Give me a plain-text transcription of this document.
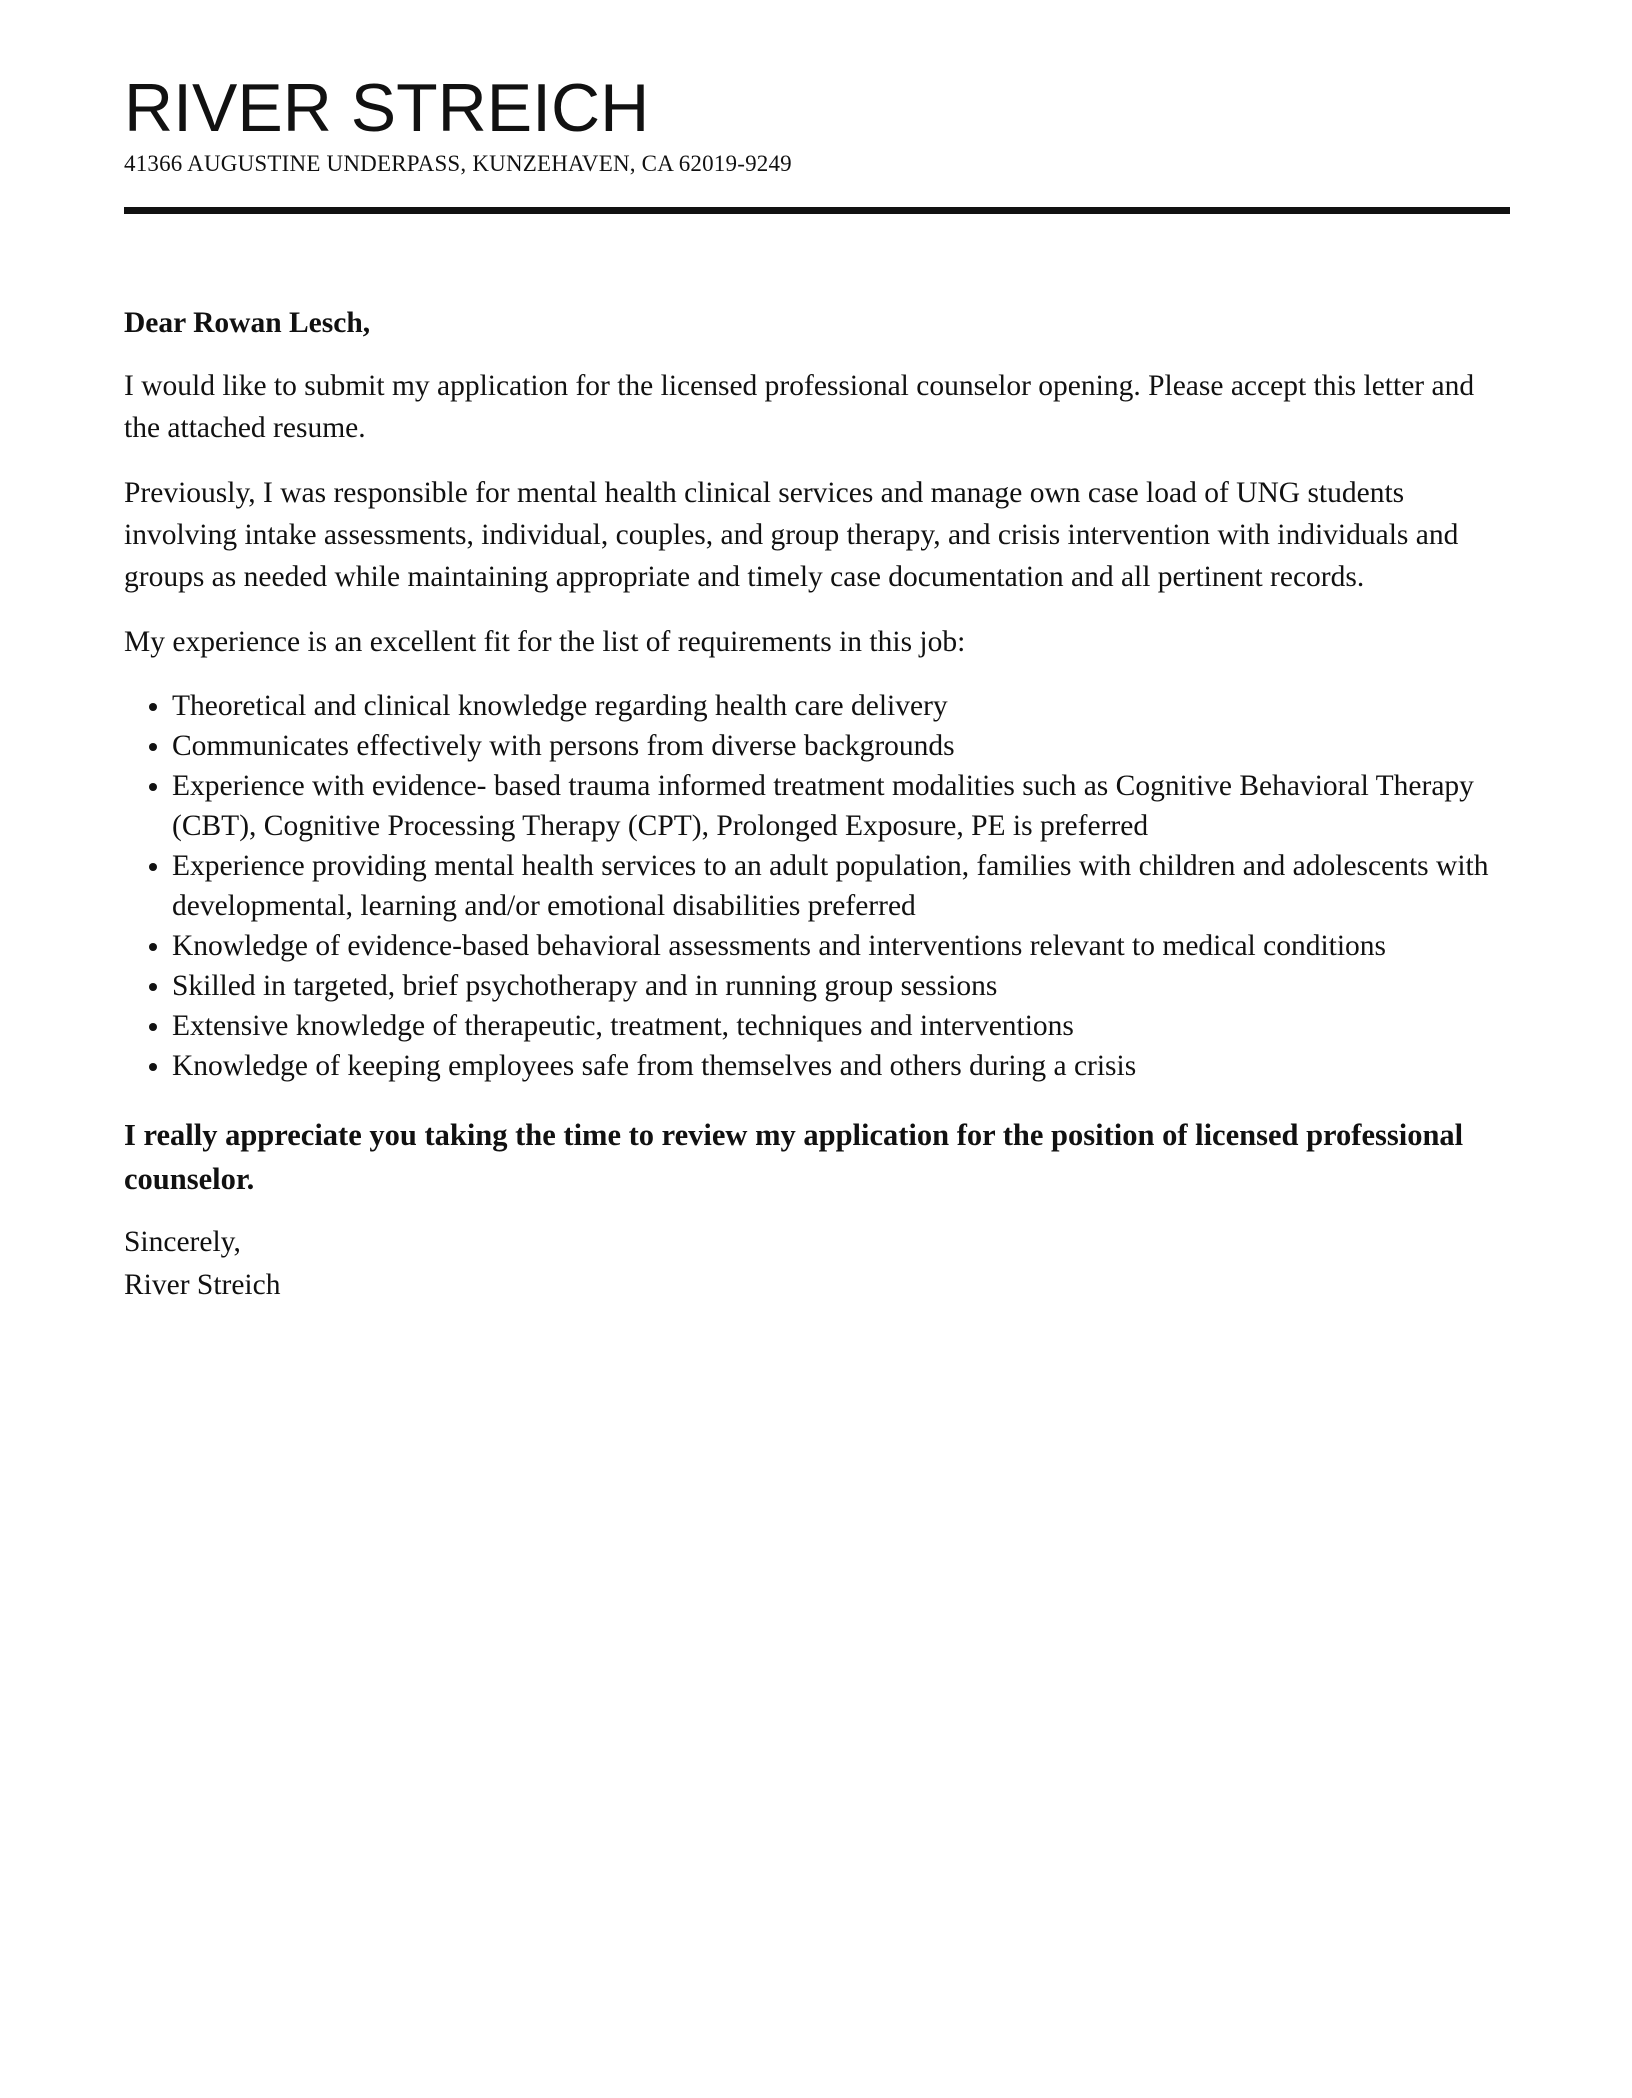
RIVER STREICH
41366 AUGUSTINE UNDERPASS, KUNZEHAVEN, CA 62019-9249

Dear Rowan Lesch,

I would like to submit my application for the licensed professional counselor opening. Please accept this letter and the attached resume.

Previously, I was responsible for mental health clinical services and manage own case load of UNG students involving intake assessments, individual, couples, and group therapy, and crisis intervention with individuals and groups as needed while maintaining appropriate and timely case documentation and all pertinent records.

My experience is an excellent fit for the list of requirements in this job:

• Theoretical and clinical knowledge regarding health care delivery
• Communicates effectively with persons from diverse backgrounds
• Experience with evidence- based trauma informed treatment modalities such as Cognitive Behavioral Therapy (CBT), Cognitive Processing Therapy (CPT), Prolonged Exposure, PE is preferred
• Experience providing mental health services to an adult population, families with children and adolescents with developmental, learning and/or emotional disabilities preferred
• Knowledge of evidence-based behavioral assessments and interventions relevant to medical conditions
• Skilled in targeted, brief psychotherapy and in running group sessions
• Extensive knowledge of therapeutic, treatment, techniques and interventions
• Knowledge of keeping employees safe from themselves and others during a crisis

I really appreciate you taking the time to review my application for the position of licensed professional counselor.

Sincerely,

River Streich
